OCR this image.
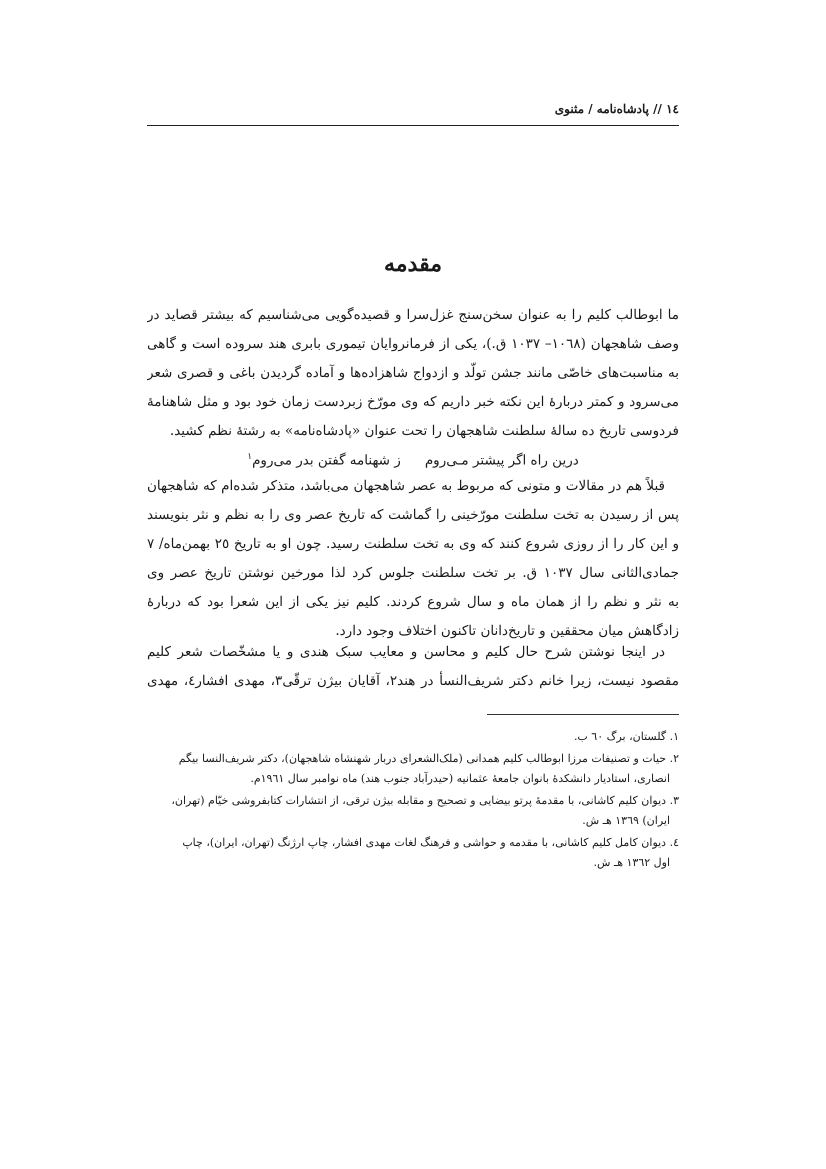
١٤ // پادشاه‌نامه / مثنوی
مقدمه
ما ابوطالب کلیم را به عنوان سخن‌سنج غزل‌سرا و قصیده‌گویی می‌شناسیم که بیشتر قصاید در
وصف شاهجهان (١٠٦٨– ١٠٣٧ ق.)، یکی از فرمانروایان تیموری بابری هند سروده است و گاهی
به مناسبت‌های خاصّی مانند جشن تولّد و ازدواج شاهزاده‌ها و آماده گردیدن باغی و قصری شعر
می‌سرود و کمتر دربارهٔ این نکته خبر داریم که وی مورّخ زبردست زمان خود بود و مثل شاهنامهٔ
فردوسی تاریخ ده سالهٔ سلطنت شاهجهان را تحت عنوان «پادشاه‌نامه» به رشتهٔ نظم کشید.
درین راه اگر پیشتر مـی‌رومز شهنامه گفتن بدر می‌روم$^١$
قبلاً هم در مقالات و متونی که مربوط به عصر شاهجهان می‌باشد، متذکر شده‌ام که شاهجهان
پس از رسیدن به تخت سلطنت مورّخینی را گماشت که تاریخ عصر وی را به نظم و نثر بنویسند
و این کار را از روزی شروع کنند که وی به تخت سلطنت رسید. چون او به تاریخ ٢٥ بهمن‌ماه/ ٧
جمادی‌الثانی سال ١٠٣٧ ق. بر تخت سلطنت جلوس کرد لذا مورخین نوشتن تاریخ عصر وی
به نثر و نظم را از همان ماه و سال شروع کردند. کلیم نیز یکی از این شعرا بود که دربارهٔ
زادگاهش میان محققین و تاریخ‌دانان تاکنون اختلاف وجود دارد.
در اینجا نوشتن شرح حال کلیم و محاسن و معایب سبک هندی و یا مشخّصات شعر کلیم
مقصود نیست، زیرا خانم دکتر شریف‌النسأ در هند٢، آقایان بیژن ترقّی٣، مهدی افشار٤، مهدی
١. گلستان، برگ ٦٠ ب.
٢. حیات و تصنیفات مرزا ابوطالب کلیم همدانی (ملک‌الشعرای دربار شهنشاه شاهجهان)، دکتر شریف‌النسا بیگم
انصاری، استادیار دانشکدهٔ بانوان جامعهٔ عثمانیه (حیدرآباد جنوب هند) ماه نوامبر سال ١٩٦١م.
٣. دیوان کلیم کاشانی، با مقدمهٔ پرتو بیضایی و تصحیح و مقابله بیژن ترقی، از انتشارات کتابفروشی خیّام (تهران،
ایران) ١٣٦٩ هـ ش.
٤. دیوان کامل کلیم کاشانی، با مقدمه و حواشی و فرهنگ لغات مهدی افشار، چاپ ارژنگ (تهران، ایران)، چاپ
اول ١٣٦٢ هـ ش.
